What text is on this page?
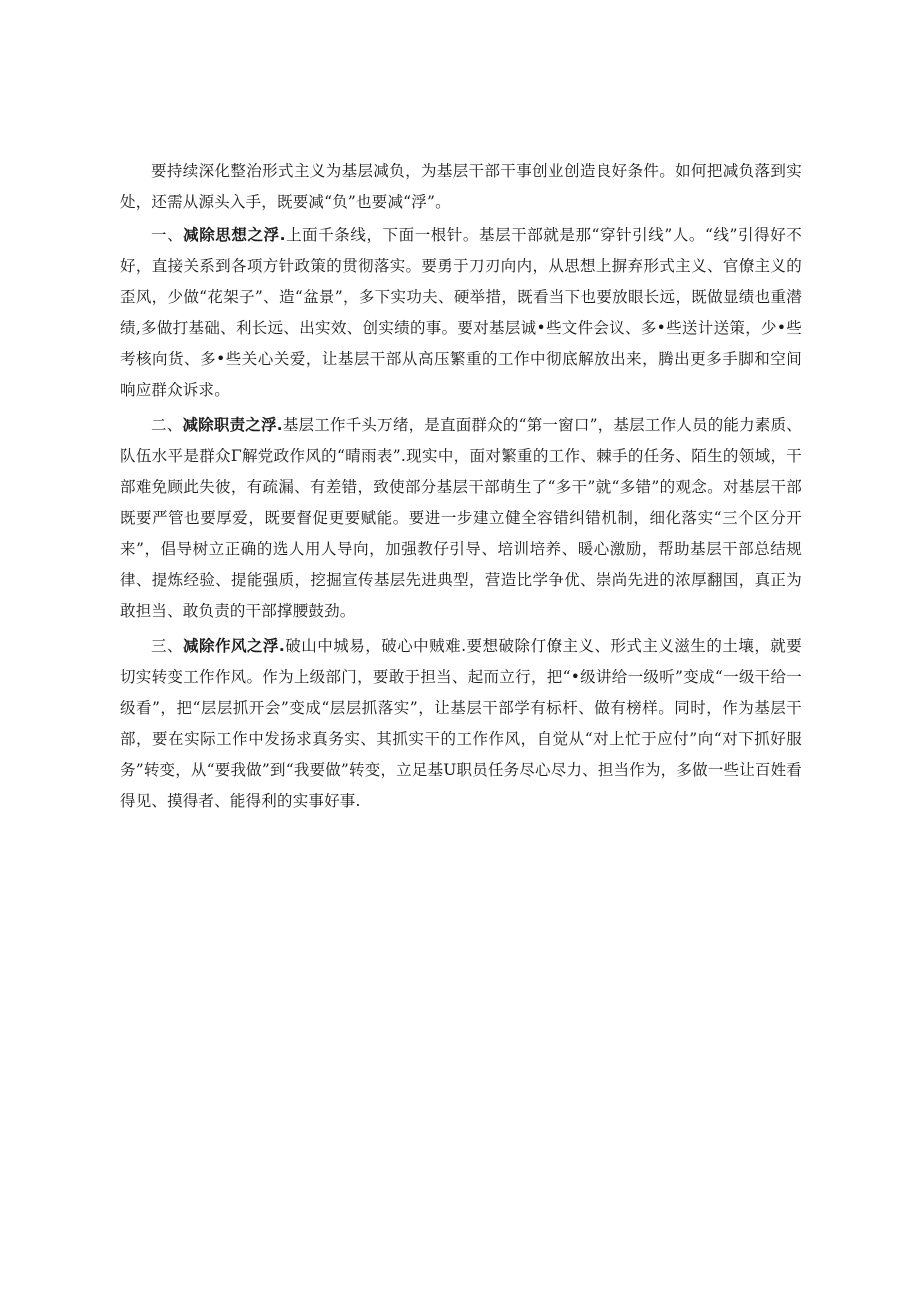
要持续深化整治形式主义为基层减负，为基层干部干事创业创造良好条件。如何把减负落到实处，还需从源头入手，既要减“负”也要减“浮”。

一、减除思想之浮.上面千条线，下面一根针。基层干部就是那“穿针引线”人。“线”引得好不好，直接关系到各项方针政策的贯彻落实。要勇于刀刃向内，从思想上摒弃形式主义、官僚主义的歪风，少做“花架子”、造“盆景”，多下实功夫、硬举措，既看当下也要放眼长远，既做显绩也重潜绩,多做打基础、利长远、出实效、创实绩的事。要对基层诚•些文件会议、多•些送计送策，少•些考核向货、多•些关心关爱，让基层干部从高压繁重的工作中彻底解放出来，腾出更多手脚和空间响应群众诉求。

二、减除职责之浮.基层工作千头万绪，是直面群众的“第一窗口”，基层工作人员的能力素质、队伍水平是群众Γ解党政作风的“晴雨表”.现实中，面对繁重的工作、棘手的任务、陌生的领域，干部难免顾此失彼，有疏漏、有差错，致使部分基层干部萌生了“多干”就“多错”的观念。对基层干部既要严管也要厚爱，既要督促更要赋能。要进一步建立健全容错纠错机制，细化落实“三个区分开来”，倡导树立正确的选人用人导向，加强教仔引导、培训培养、暖心激励，帮助基层干部总结规律、提炼经验、提能强质，挖掘宣传基层先进典型，营造比学争优、崇尚先进的浓厚翻国，真正为敢担当、敢负责的干部撑腰鼓劲。

三、减除作风之浮.破山中城易，破心中贼难.要想破除仃僚主义、形式主义滋生的土壤，就要切实转变工作作风。作为上级部门，要敢于担当、起而立行，把“•级讲给一级听”变成“一级干给一级看”，把“层层抓开会”变成“层层抓落实”，让基层干部学有标杆、做有榜样。同时，作为基层干部，要在实际工作中发扬求真务实、其抓实干的工作作风，自觉从“对上忙于应付”向“对下抓好服务”转变，从“要我做”到“我要做”转变，立足基U职员任务尽心尽力、担当作为，多做一些让百姓看得见、摸得者、能得利的实事好事.
